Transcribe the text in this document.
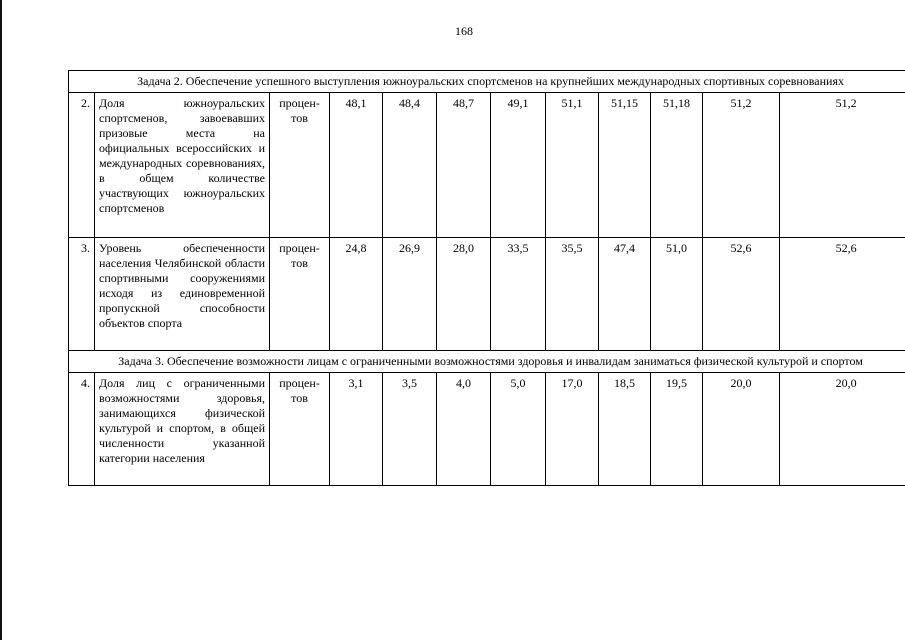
168
Задача 2. Обеспечение успешного выступления южноуральских спортсменов на крупнейших международных спортивных соревнованиях											
2.	Доля южноуральских спортсменов, завоевавших призовые места на официальных всероссийских и международных соревнованиях, в общем количестве участвующих южноуральских спортсменов	процен-
тов	48,1	48,4	48,7	49,1	51,1	51,15	51,18	51,2	51,2
3.	Уровень обеспеченности населения Челябинской области спортивными сооружениями исходя из единовременной пропускной способности объектов спорта	процен-
тов	24,8	26,9	28,0	33,5	35,5	47,4	51,0	52,6	52,6
Задача 3. Обеспечение возможности лицам с ограниченными возможностями здоровья и инвалидам заниматься физической культурой и спортом											
4.	Доля лиц с ограниченными возможностями здоровья, занимающихся физической культурой и спортом, в общей численности указанной категории населения	процен-
тов	3,1	3,5	4,0	5,0	17,0	18,5	19,5	20,0	20,0
